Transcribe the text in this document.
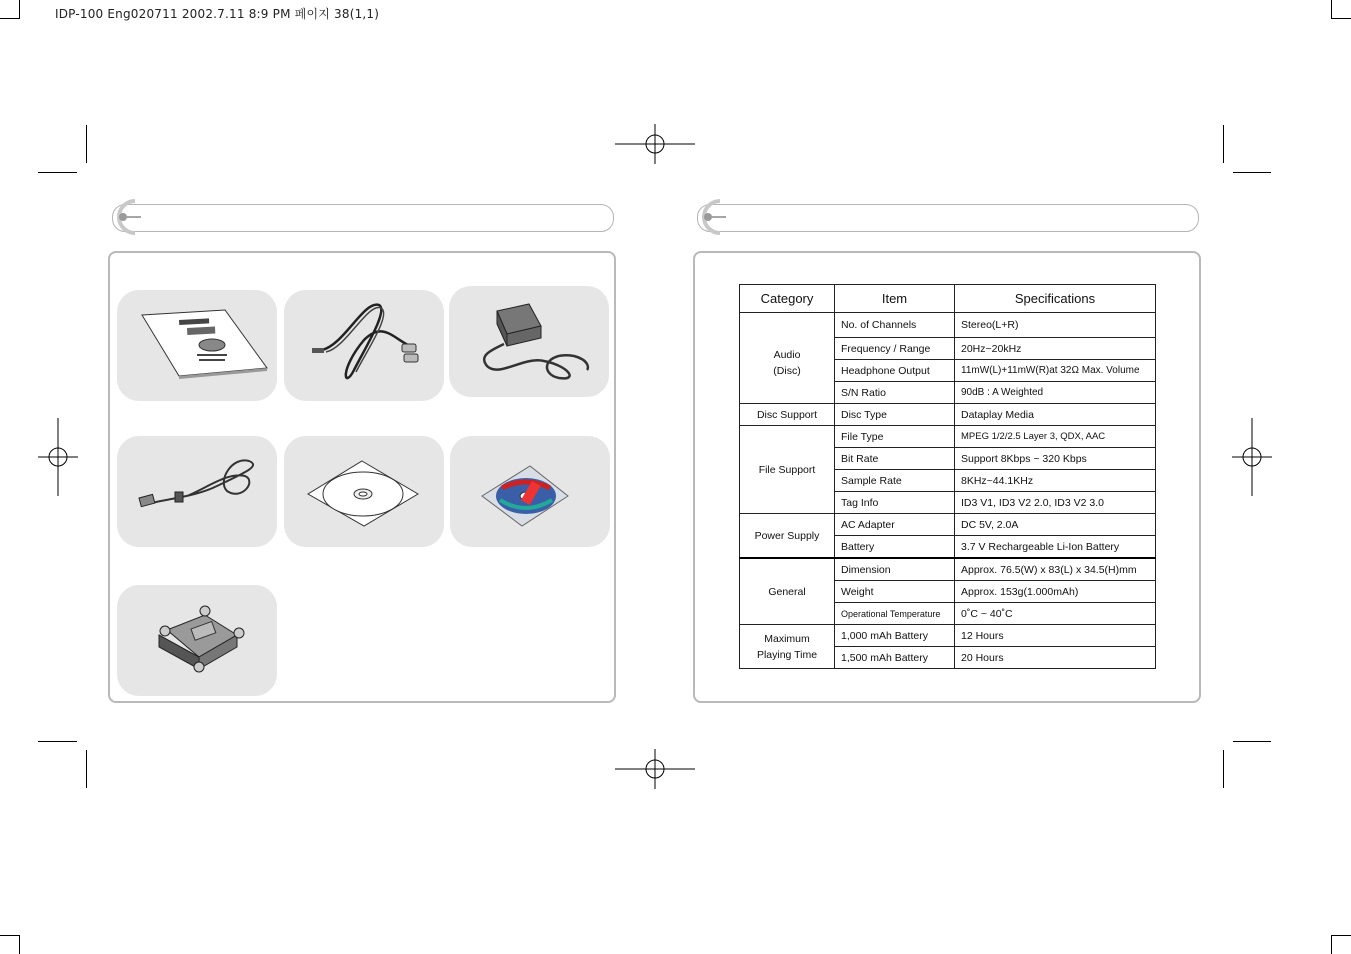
IDP-100 Eng020711 2002.7.11 8:9 PM 페이지 38(1,1)
Category	Item	Specifications

Audio
(Disc)	No. of Channels	Stereo(L+R)
	Frequency / Range	20Hz~20kHz
	Headphone Output	11mW(L)+11mW(R)at 32Ω Max. Volume
	S/N Ratio	90dB : A Weighted
Disc Support	Disc Type	Dataplay Media
File Support	File Type	MPEG 1/2/2.5 Layer 3, QDX, AAC
	Bit Rate	Support 8Kbps ~ 320 Kbps
	Sample Rate	8KHz~44.1KHz
	Tag Info	ID3 V1, ID3 V2 2.0, ID3 V2 3.0
Power Supply	AC Adapter	DC 5V, 2.0A
	Battery	3.7 V Rechargeable Li-Ion Battery
General	Dimension	Approx. 76.5(W) x 83(L) x 34.5(H)mm
	Weight	Approx. 153g(1.000mAh)
	Operational Temperature	0˚C ~ 40˚C

Maximum
Playing Time	1,000 mAh Battery	12 Hours
	1,500 mAh Battery	20 Hours
